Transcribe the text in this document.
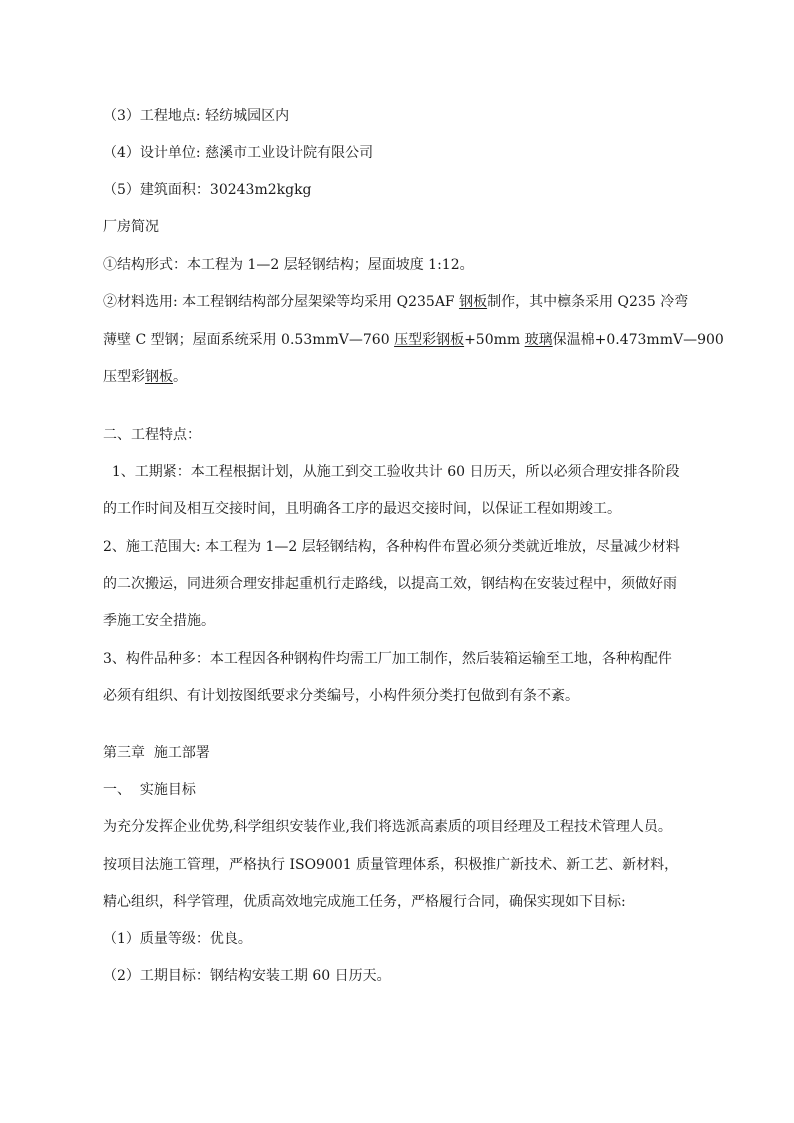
（3）工程地点: 轻纺城园区内
（4）设计单位: 慈溪市工业设计院有限公司
（5）建筑面积：30243m2kgkg
厂房简况
①结构形式：本工程为 1—2 层轻钢结构；屋面坡度 1:12。
②材料选用: 本工程钢结构部分屋架梁等均采用 Q235AF 钢板制作，其中檩条采用 Q235 冷弯
薄壁 C 型钢；屋面系统采用 0.53mmV—760 压型彩钢板+50mm 玻璃保温棉+0.473mmV—900
压型彩钢板。
二、工程特点：
1、工期紧：本工程根据计划，从施工到交工验收共计 60 日历天，所以必须合理安排各阶段
的工作时间及相互交接时间，且明确各工序的最迟交接时间，以保证工程如期竣工。
2、施工范围大: 本工程为 1—2 层轻钢结构，各种构件布置必须分类就近堆放，尽量减少材料
的二次搬运，同进须合理安排起重机行走路线，以提高工效，钢结构在安装过程中，须做好雨
季施工安全措施。
3、构件品种多：本工程因各种钢构件均需工厂加工制作，然后装箱运输至工地，各种构配件
必须有组织、有计划按图纸要求分类编号，小构件须分类打包做到有条不紊。
第三章  施工部署
一、  实施目标
为充分发挥企业优势,科学组织安装作业,我们将选派高素质的项目经理及工程技术管理人员。
按项目法施工管理，严格执行 ISO9001 质量管理体系，积极推广新技术、新工艺、新材料，
精心组织，科学管理，优质高效地完成施工任务，严格履行合同，确保实现如下目标:
（1）质量等级：优良。
（2）工期目标：钢结构安装工期 60 日历天。
